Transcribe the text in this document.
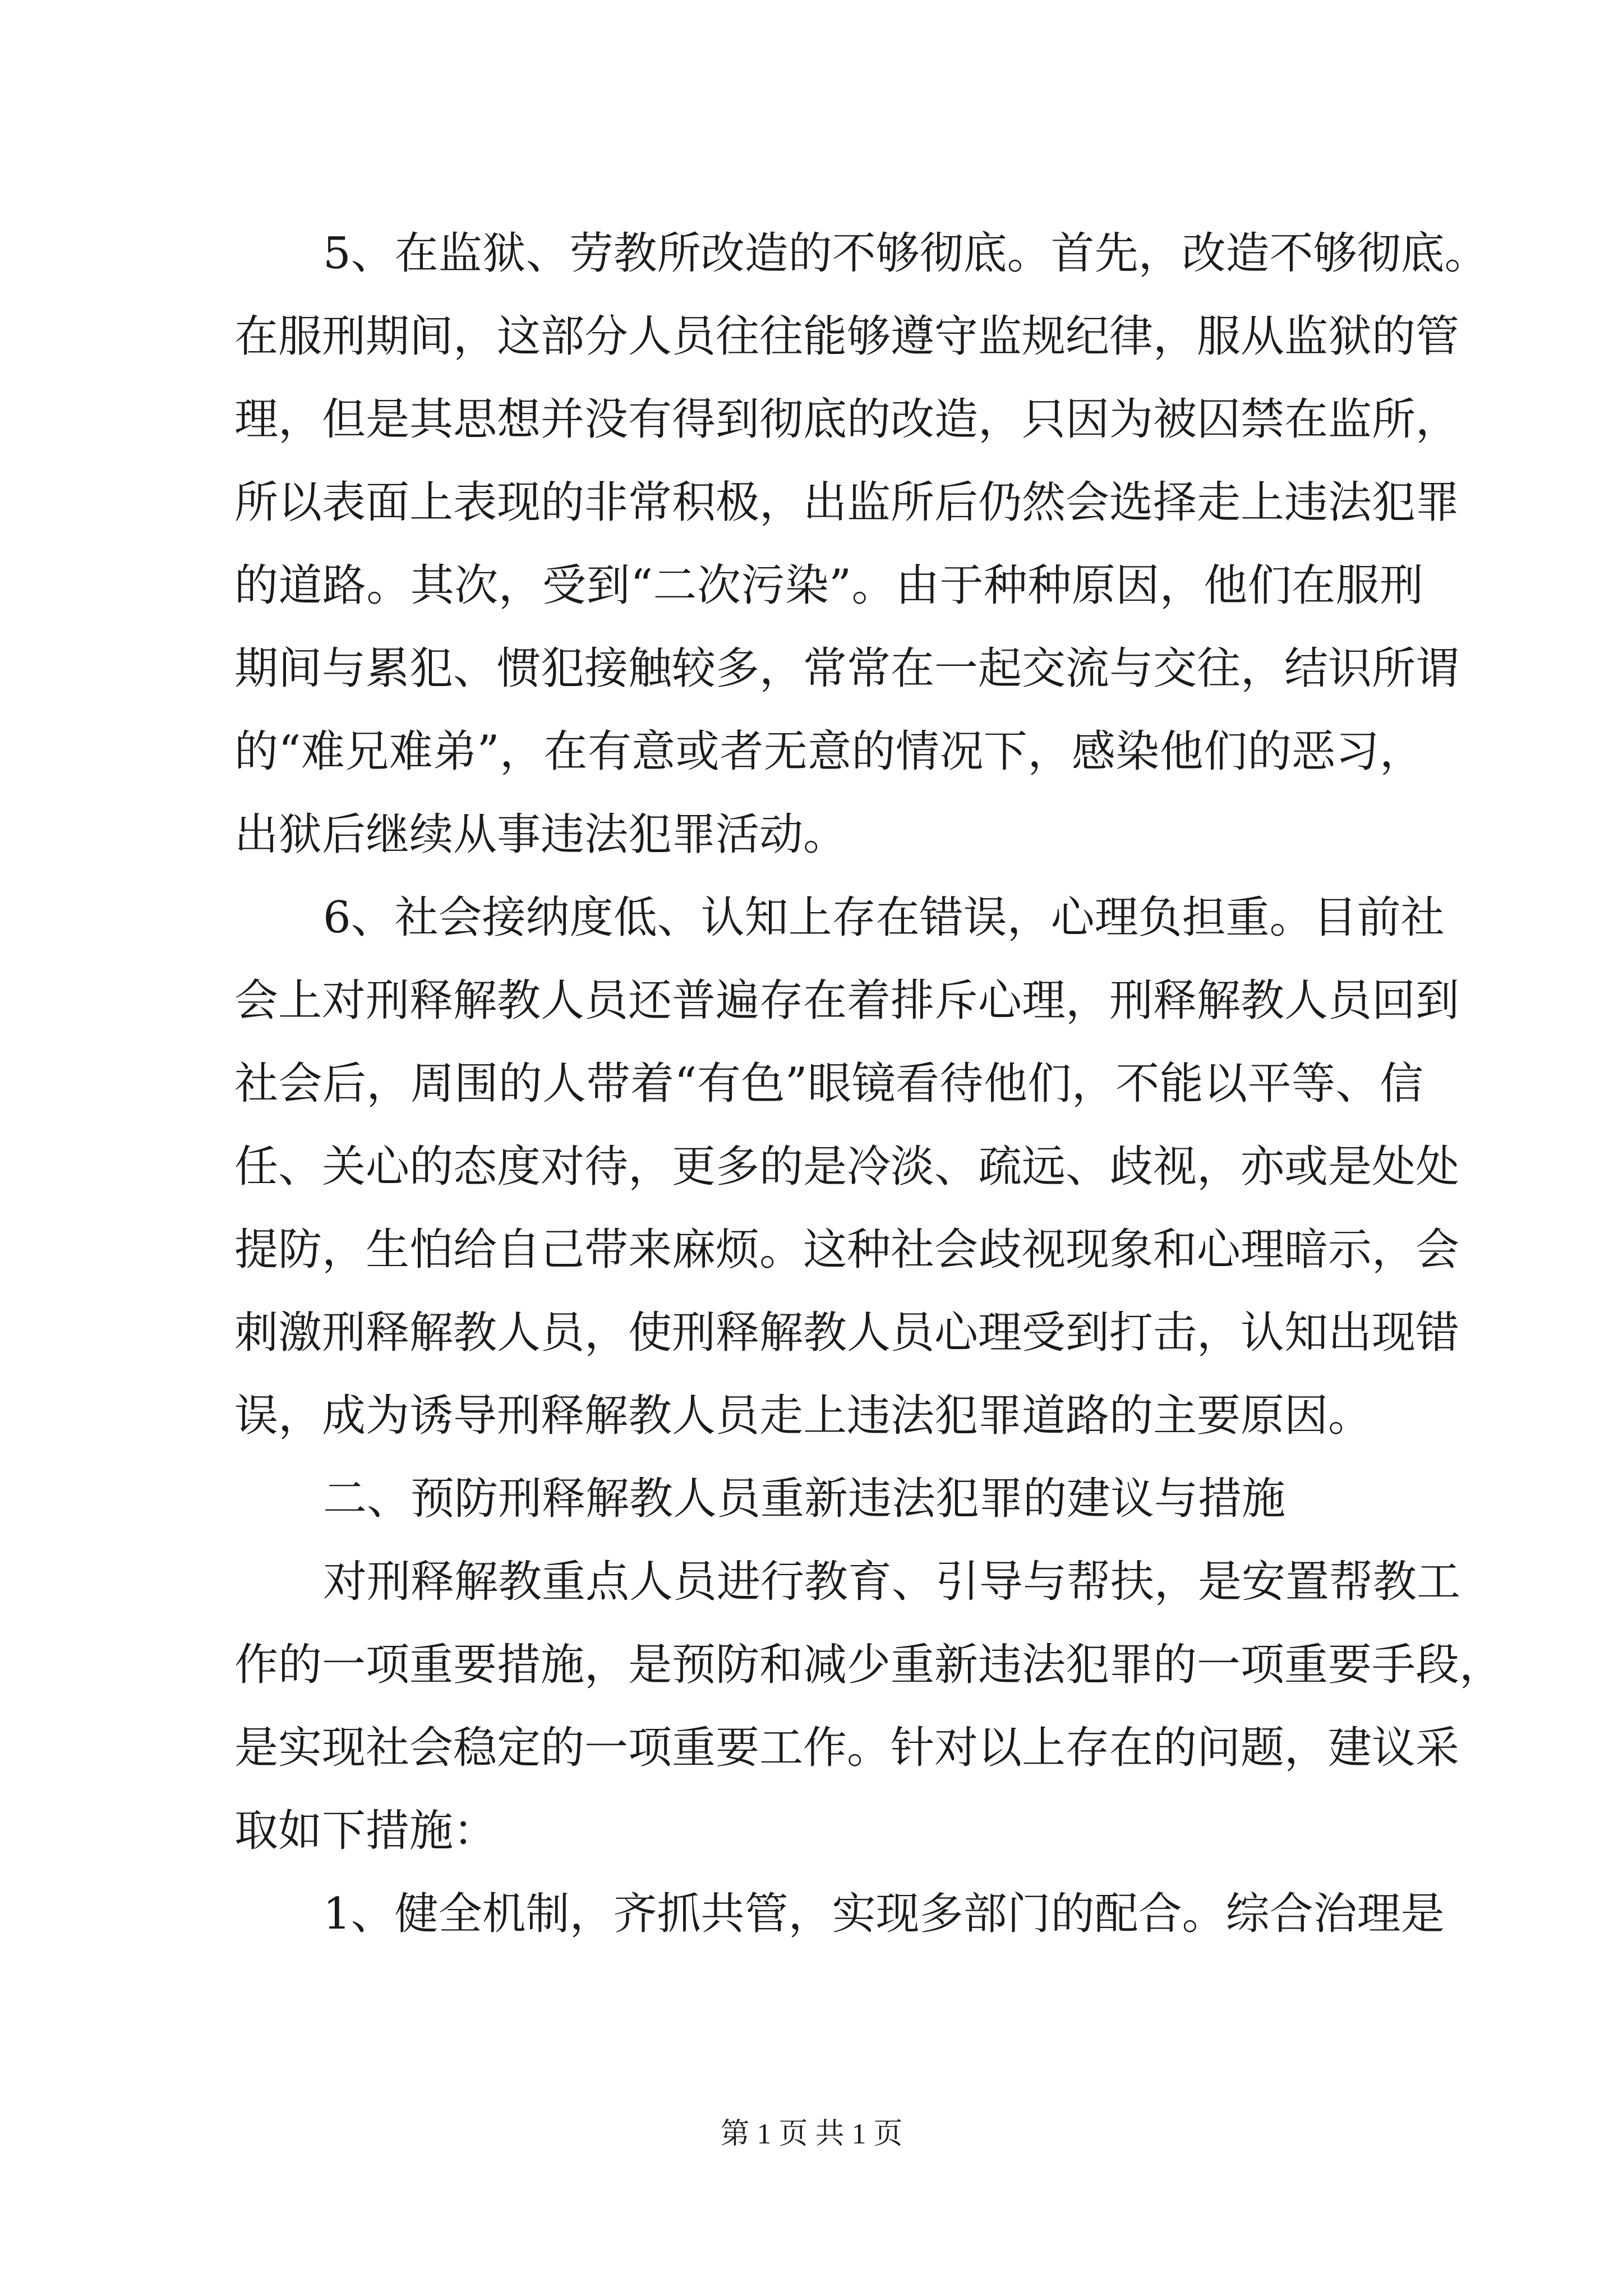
5、在监狱、劳教所改造的不够彻底。首先，改造不够彻底。
在服刑期间，这部分人员往往能够遵守监规纪律，服从监狱的管
理，但是其思想并没有得到彻底的改造，只因为被囚禁在监所，
所以表面上表现的非常积极，出监所后仍然会选择走上违法犯罪
的道路。其次，受到“二次污染”。由于种种原因，他们在服刑
期间与累犯、惯犯接触较多，常常在一起交流与交往，结识所谓
的“难兄难弟”，在有意或者无意的情况下，感染他们的恶习，
出狱后继续从事违法犯罪活动。
6、社会接纳度低、认知上存在错误，心理负担重。目前社
会上对刑释解教人员还普遍存在着排斥心理，刑释解教人员回到
社会后，周围的人带着“有色”眼镜看待他们，不能以平等、信
任、关心的态度对待，更多的是冷淡、疏远、歧视，亦或是处处
提防，生怕给自己带来麻烦。这种社会歧视现象和心理暗示，会
刺激刑释解教人员，使刑释解教人员心理受到打击，认知出现错
误，成为诱导刑释解教人员走上违法犯罪道路的主要原因。
二、预防刑释解教人员重新违法犯罪的建议与措施
对刑释解教重点人员进行教育、引导与帮扶，是安置帮教工
作的一项重要措施，是预防和减少重新违法犯罪的一项重要手段，
是实现社会稳定的一项重要工作。针对以上存在的问题，建议采
取如下措施：
1、健全机制，齐抓共管，实现多部门的配合。综合治理是
第 1 页 共 1 页
